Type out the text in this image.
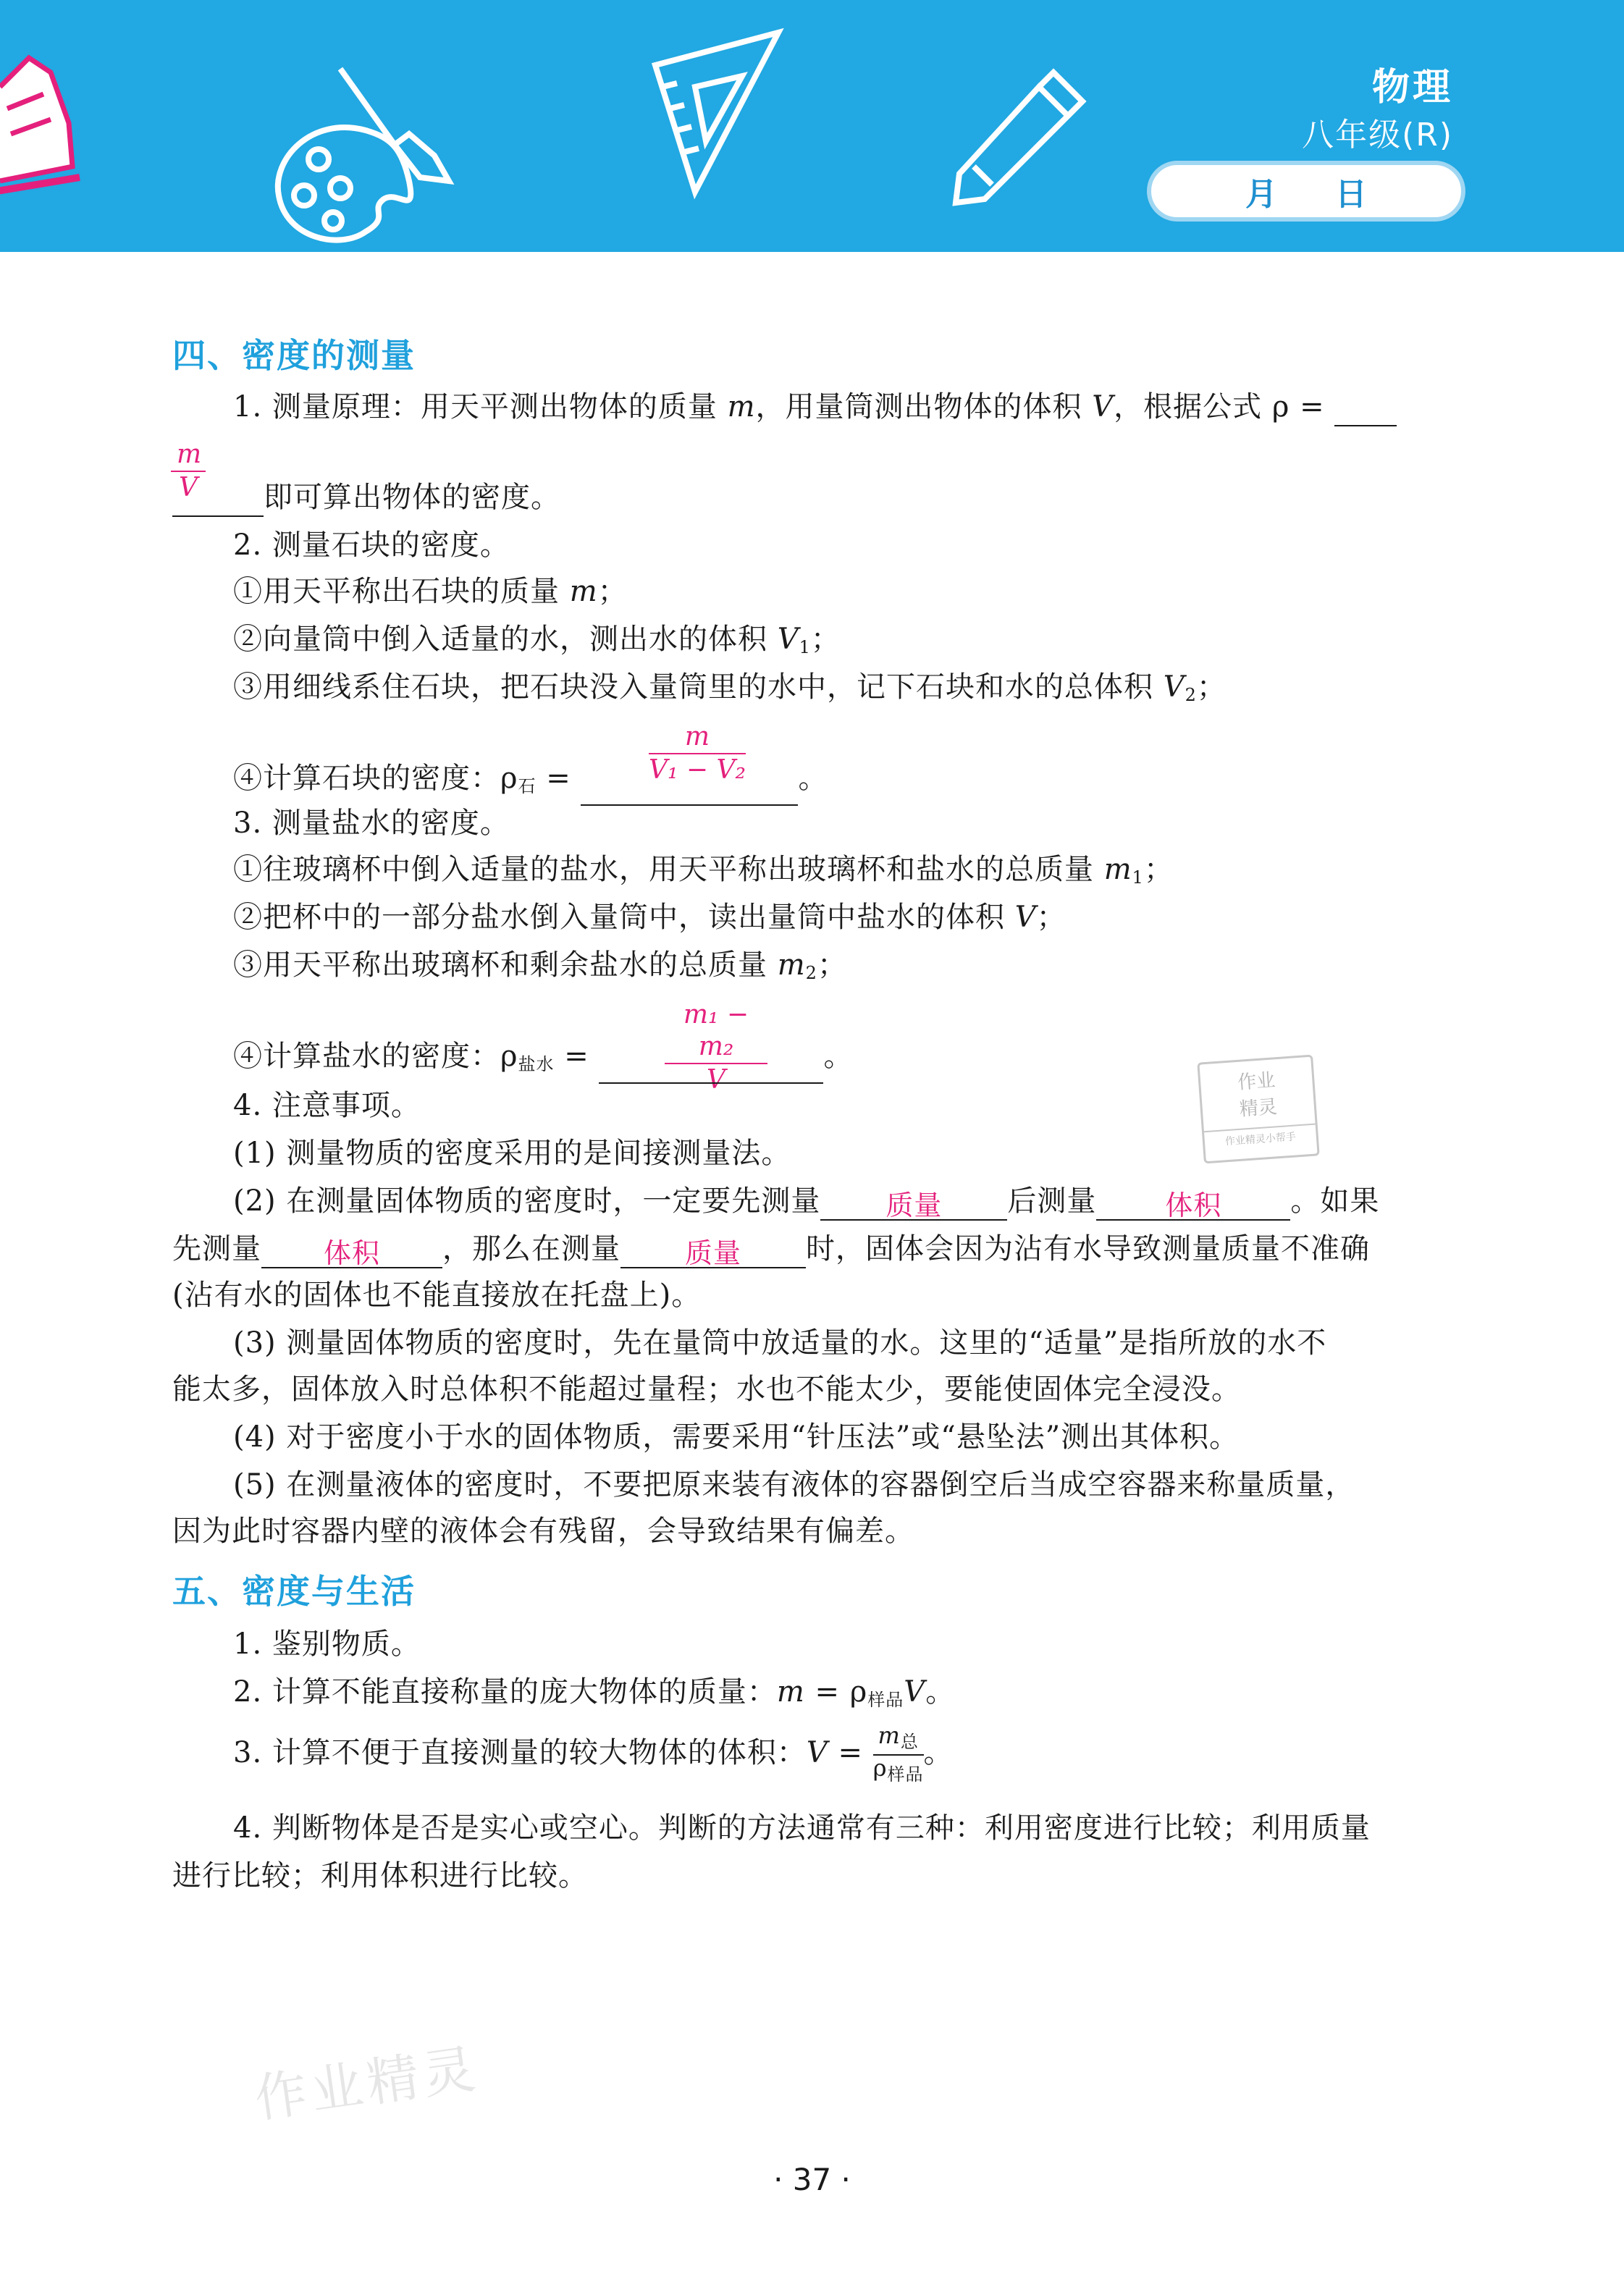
物理
八年级(R)
月 日
四、密度的测量
1. 测量原理：用天平测出物体的质量 m，用量筒测出物体的体积 V，根据公式 ρ =
$\frac{m}{V}$	即可算出物体的密度。
2. 测量石块的密度。
①用天平称出石块的质量 m；
②向量筒中倒入适量的水，测出水的体积 $V_1$；
③用细线系住石块，把石块没入量筒里的水中，记下石块和水的总体积 $V_2$；
$\frac{m}{\text{V₁ − V₂}}$
④计算石块的密度：$\rho_石$ =	。
3. 测量盐水的密度。
①往玻璃杯中倒入适量的盐水，用天平称出玻璃杯和盐水的总质量 $m_1$；
②把杯中的一部分盐水倒入量筒中，读出量筒中盐水的体积 V；
③用天平称出玻璃杯和剩余盐水的总质量 $m_2$；
$\frac{\text{m₁ − m₂}}{V}$
④计算盐水的密度：$\rho_{盐水}$ =	。
作业
精灵
作业精灵小帮手
4. 注意事项。
(1) 测量物质的密度采用的是间接测量法。
(2) 在测量固体物质的密度时，一定要先测量 质量 后测量 体积 。如果
先测量 体积 ，那么在测量 质量 时，固体会因为沾有水导致测量质量不准确
(沾有水的固体也不能直接放在托盘上)。
(3) 测量固体物质的密度时，先在量筒中放适量的水。这里的“适量”是指所放的水不
能太多，固体放入时总体积不能超过量程；水也不能太少，要能使固体完全浸没。
(4) 对于密度小于水的固体物质，需要采用“针压法”或“悬坠法”测出其体积。
(5) 在测量液体的密度时，不要把原来装有液体的容器倒空后当成空容器来称量质量，
因为此时容器内壁的液体会有残留，会导致结果有偏差。
五、密度与生活
1. 鉴别物质。
2. 计算不能直接称量的庞大物体的质量：$m = \rho_{样品}V$。
3. 计算不便于直接测量的较大物体的体积：V =
$m_总$
$\rho_{样品}$
。
4. 判断物体是否是实心或空心。判断的方法通常有三种：利用密度进行比较；利用质量
进行比较；利用体积进行比较。
作业精灵
· 37 ·
